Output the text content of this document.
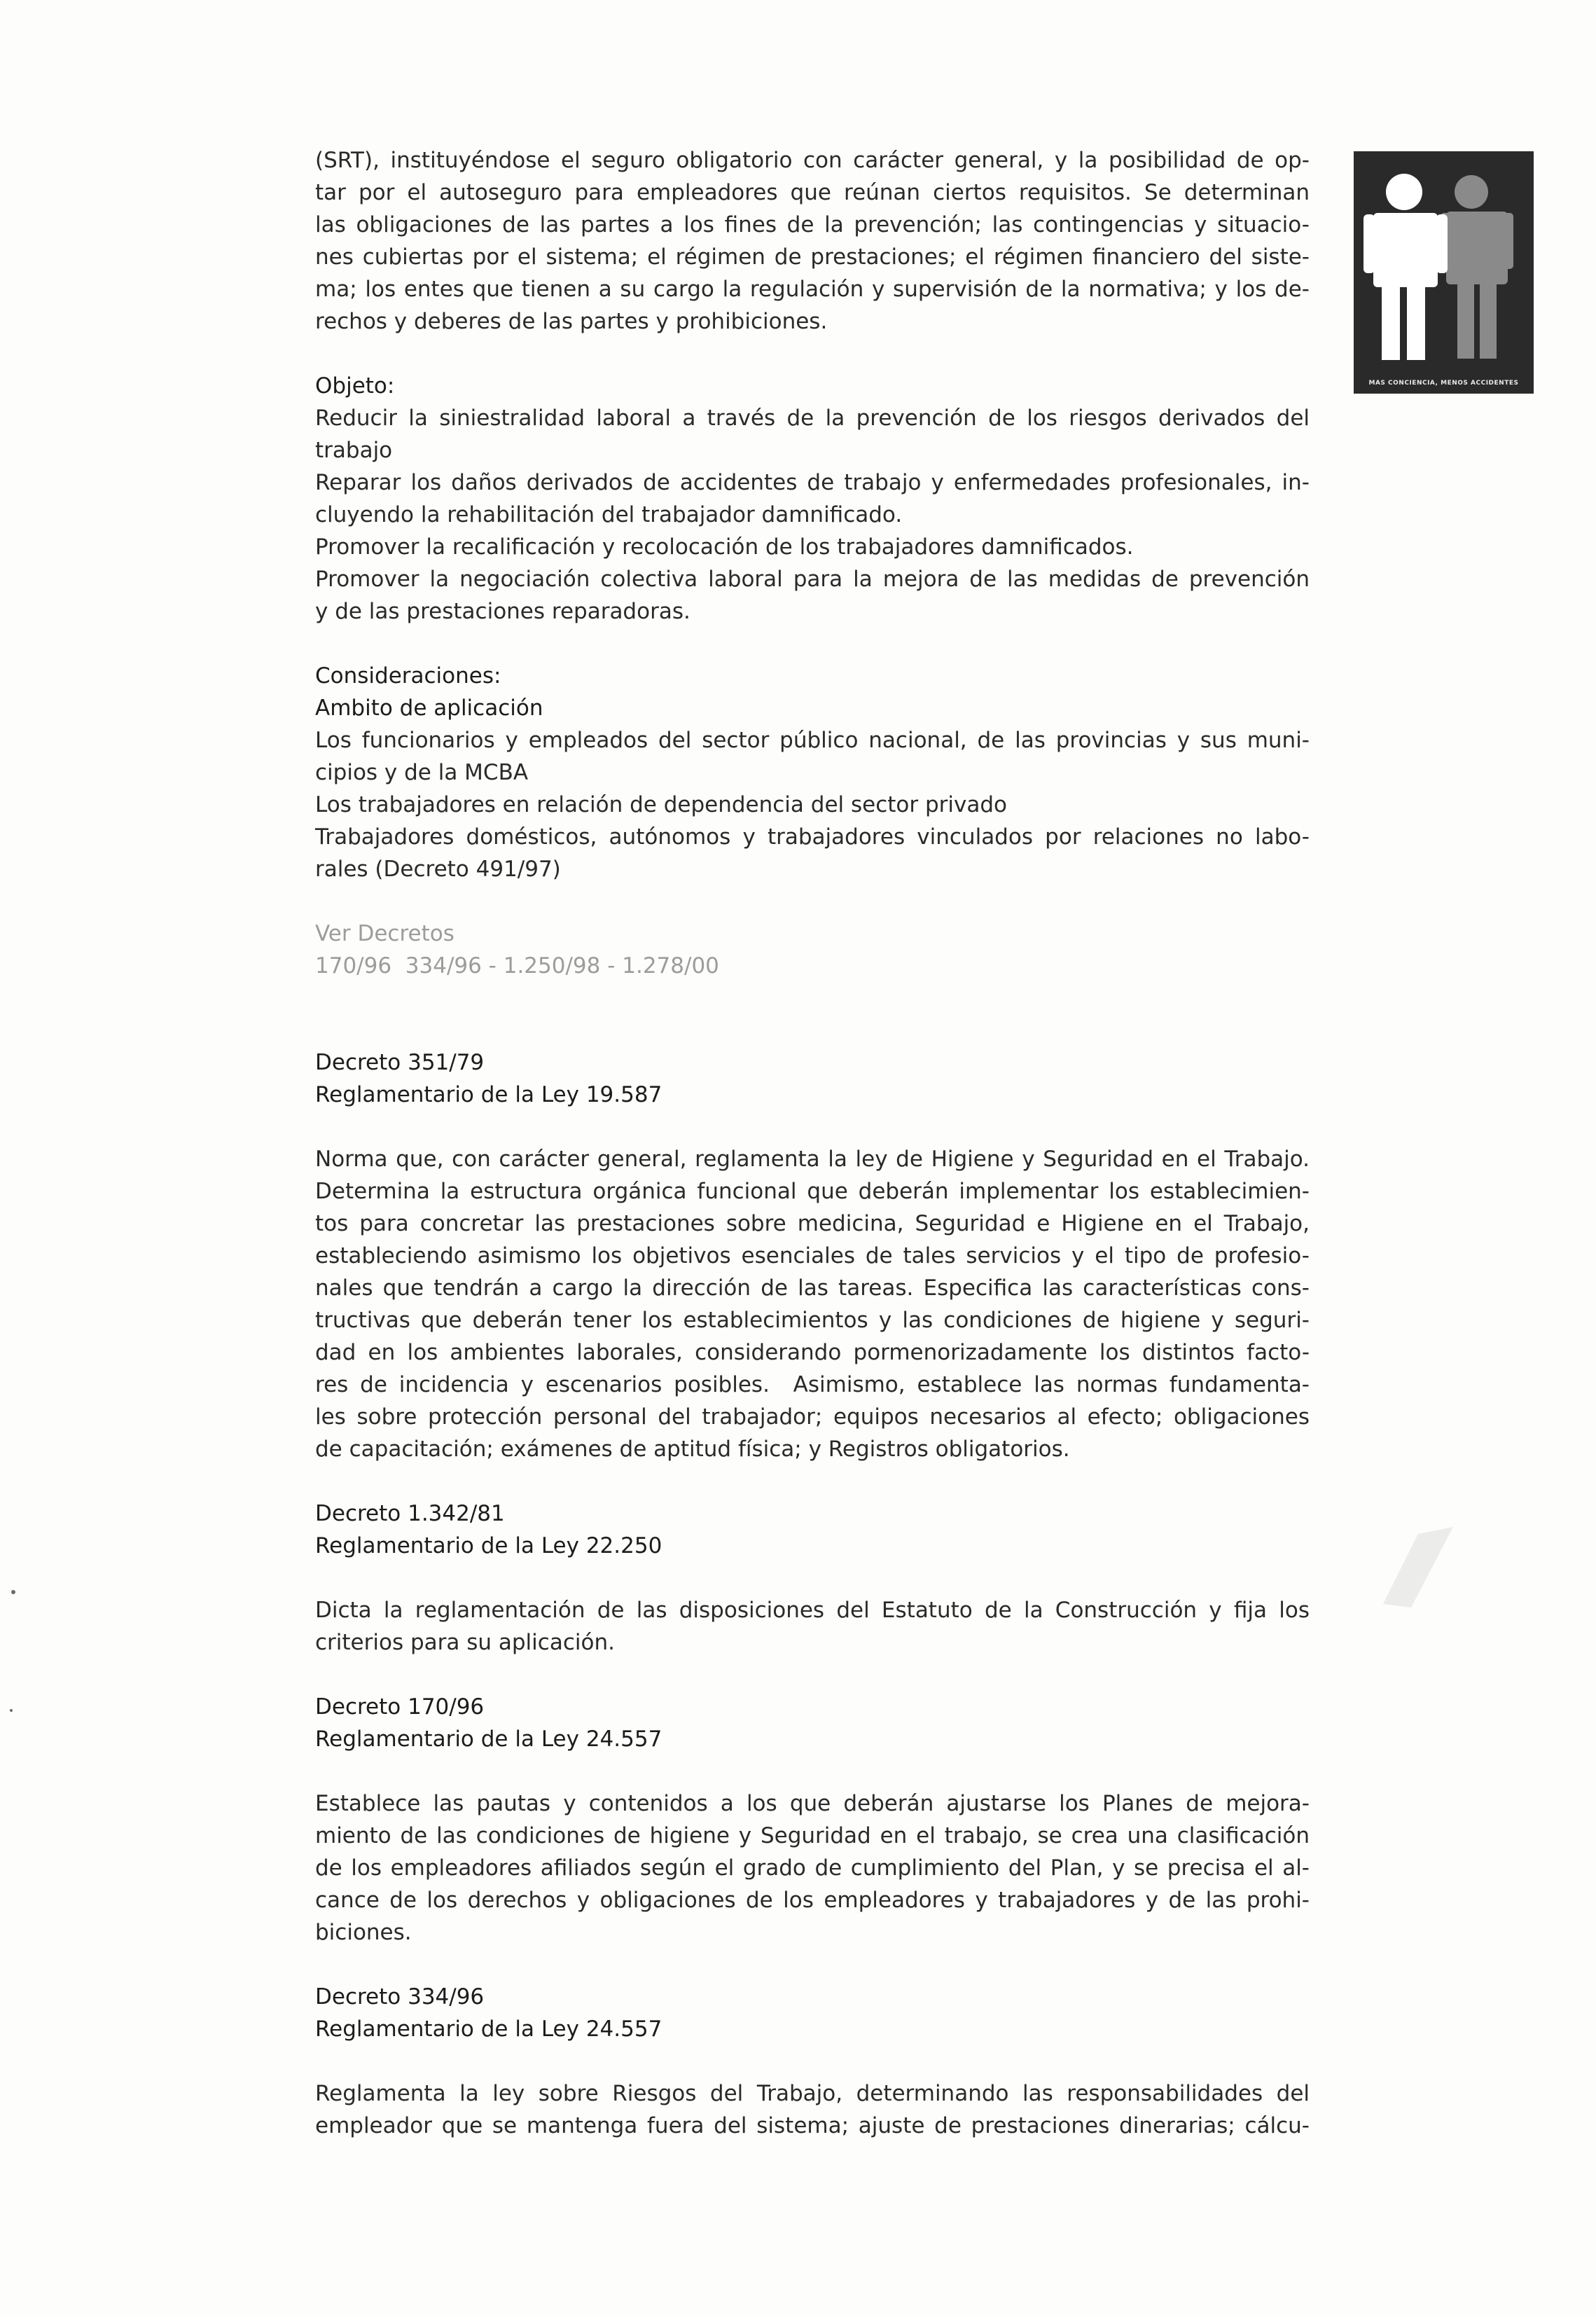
(SRT), instituyéndose el seguro obligatorio con carácter general, y la posibilidad de op-
tar por el autoseguro para empleadores que reúnan ciertos requisitos. Se determinan
las obligaciones de las partes a los fines de la prevención; las contingencias y situacio-
nes cubiertas por el sistema; el régimen de prestaciones; el régimen financiero del siste-
ma; los entes que tienen a su cargo la regulación y supervisión de la normativa; y los de-
rechos y deberes de las partes y prohibiciones.

Objeto:
Reducir la siniestralidad laboral a través de la prevención de los riesgos derivados del
trabajo
Reparar los daños derivados de accidentes de trabajo y enfermedades profesionales, in-
cluyendo la rehabilitación del trabajador damnificado.
Promover la recalificación y recolocación de los trabajadores damnificados.
Promover la negociación colectiva laboral para la mejora de las medidas de prevención
y de las prestaciones reparadoras.

Consideraciones:
Ambito de aplicación
Los funcionarios y empleados del sector público nacional, de las provincias y sus muni-
cipios y de la MCBA
Los trabajadores en relación de dependencia del sector privado
Trabajadores domésticos, autónomos y trabajadores vinculados por relaciones no labo-
rales (Decreto 491/97)

Ver Decretos
170/96  334/96 - 1.250/98 - 1.278/00

Decreto 351/79
Reglamentario de la Ley 19.587

Norma que, con carácter general, reglamenta la ley de Higiene y Seguridad en el Trabajo.
Determina la estructura orgánica funcional que deberán implementar los establecimien-
tos para concretar las prestaciones sobre medicina, Seguridad e Higiene en el Trabajo,
estableciendo asimismo los objetivos esenciales de tales servicios y el tipo de profesio-
nales que tendrán a cargo la dirección de las tareas. Especifica las características cons-
tructivas que deberán tener los establecimientos y las condiciones de higiene y seguri-
dad en los ambientes laborales, considerando pormenorizadamente los distintos facto-
res de incidencia y escenarios posibles.  Asimismo, establece las normas fundamenta-
les sobre protección personal del trabajador; equipos necesarios al efecto; obligaciones
de capacitación; exámenes de aptitud física; y Registros obligatorios.

Decreto 1.342/81
Reglamentario de la Ley 22.250

Dicta la reglamentación de las disposiciones del Estatuto de la Construcción y fija los
criterios para su aplicación.

Decreto 170/96
Reglamentario de la Ley 24.557

Establece las pautas y contenidos a los que deberán ajustarse los Planes de mejora-
miento de las condiciones de higiene y Seguridad en el trabajo, se crea una clasificación
de los empleadores afiliados según el grado de cumplimiento del Plan, y se precisa el al-
cance de los derechos y obligaciones de los empleadores y trabajadores y de las prohi-
biciones.

Decreto 334/96
Reglamentario de la Ley 24.557

Reglamenta la ley sobre Riesgos del Trabajo, determinando las responsabilidades del
empleador que se mantenga fuera del sistema; ajuste de prestaciones dinerarias; cálcu-

MAS CONCIENCIA, MENOS ACCIDENTES
